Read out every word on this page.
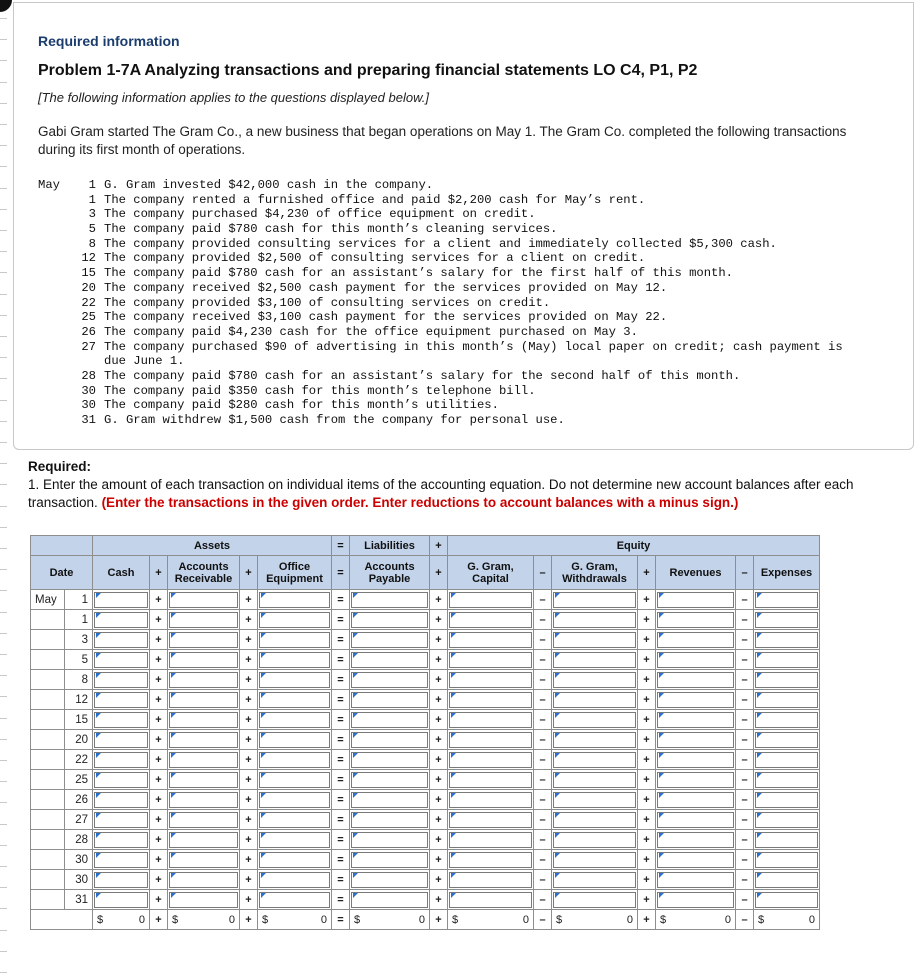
Required information
Problem 1-7A Analyzing transactions and preparing financial statements LO C4, P1, P2
[The following information applies to the questions displayed below.]
Gabi Gram started The Gram Co., a new business that began operations on May 1. The Gram Co. completed the following transactions during its first month of operations.
May	1 G. Gram invested $42,000 cash in the company.
1 The company rented a furnished office and paid $2,200 cash for May’s rent.
3 The company purchased $4,230 of office equipment on credit.
5 The company paid $780 cash for this month’s cleaning services.
8 The company provided consulting services for a client and immediately collected $5,300 cash.
12 The company provided $2,500 of consulting services for a client on credit.
15 The company paid $780 cash for an assistant’s salary for the first half of this month.
20 The company received $2,500 cash payment for the services provided on May 12.
22 The company provided $3,100 of consulting services on credit.
25 The company received $3,100 cash payment for the services provided on May 22.
26 The company paid $4,230 cash for the office equipment purchased on May 3.
27 The company purchased $90 of advertising in this month’s (May) local paper on credit; cash payment is
due June 1.
28 The company paid $780 cash for an assistant’s salary for the second half of this month.
30 The company paid $350 cash for this month’s telephone bill.
30 The company paid $280 cash for this month’s utilities.
31 G. Gram withdrew $1,500 cash from the company for personal use.
Required:
1. Enter the amount of each transaction on individual items of the accounting equation. Do not determine new account balances after each transaction. (Enter the transactions in the given order. Enter reductions to account balances with a minus sign.)
		Assets					=	Liabilities	+	Equity						
Date		Cash	+	Accounts Receivable	+	Office Equipment	=	Accounts Payable	+	G. Gram, Capital	–	G. Gram, Withdrawals	+	Revenues	–	Expenses
May	1		+		+		=		+		–		+		–	

	1		+		+		=		+		–		+		–	

	3		+		+		=		+		–		+		–	

	5		+		+		=		+		–		+		–	

	8		+		+		=		+		–		+		–	

	12		+		+		=		+		–		+		–	

	15		+		+		=		+		–		+		–	

	20		+		+		=		+		–		+		–	

	22		+		+		=		+		–		+		–	

	25		+		+		=		+		–		+		–	

	26		+		+		=		+		–		+		–	

	27		+		+		=		+		–		+		–	

	28		+		+		=		+		–		+		–	

	30		+		+		=		+		–		+		–	

	30		+		+		=		+		–		+		–	

	31		+		+		=		+		–		+		–	

		$ 0	+	$ 0	+	$ 0	=	$ 0	+	$ 0	–	$ 0	+	$ 0	–	$ 0
